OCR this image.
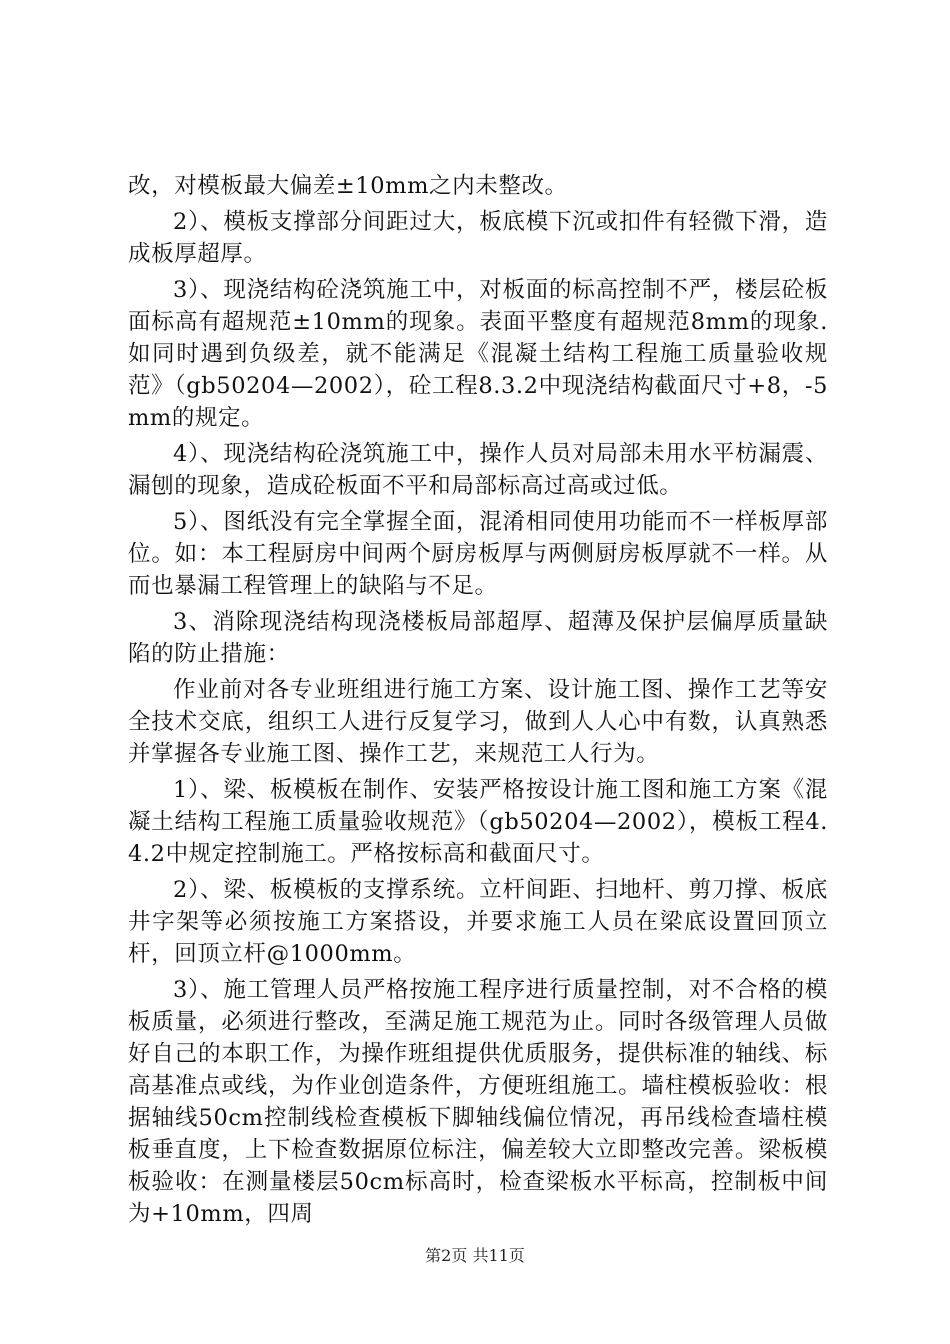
改，对模板最大偏差±10mm之内未整改。

2）、模板支撑部分间距过大，板底模下沉或扣件有轻微下滑，造成板厚超厚。

3）、现浇结构砼浇筑施工中，对板面的标高控制不严，楼层砼板面标高有超规范±10mm的现象。表面平整度有超规范8mm的现象.如同时遇到负级差，就不能满足《混凝土结构工程施工质量验收规范》（gb50204—2002），砼工程8.3.2中现浇结构截面尺寸+8，-5mm的规定。

4）、现浇结构砼浇筑施工中，操作人员对局部未用水平枋漏震、漏刨的现象，造成砼板面不平和局部标高过高或过低。

5）、图纸没有完全掌握全面，混淆相同使用功能而不一样板厚部位。如：本工程厨房中间两个厨房板厚与两侧厨房板厚就不一样。从而也暴漏工程管理上的缺陷与不足。

3、消除现浇结构现浇楼板局部超厚、超薄及保护层偏厚质量缺陷的防止措施：

作业前对各专业班组进行施工方案、设计施工图、操作工艺等安全技术交底，组织工人进行反复学习，做到人人心中有数，认真熟悉并掌握各专业施工图、操作工艺，来规范工人行为。

1）、梁、板模板在制作、安装严格按设计施工图和施工方案《混凝土结构工程施工质量验收规范》（gb50204—2002），模板工程4.4.2中规定控制施工。严格按标高和截面尺寸。

2）、梁、板模板的支撑系统。立杆间距、扫地杆、剪刀撑、板底井字架等必须按施工方案搭设，并要求施工人员在梁底设置回顶立杆，回顶立杆@1000mm。

3）、施工管理人员严格按施工程序进行质量控制，对不合格的模板质量，必须进行整改，至满足施工规范为止。同时各级管理人员做好自己的本职工作，为操作班组提供优质服务，提供标准的轴线、标高基准点或线，为作业创造条件，方便班组施工。墙柱模板验收：根据轴线50cm控制线检查模板下脚轴线偏位情况，再吊线检查墙柱模板垂直度，上下检查数据原位标注，偏差较大立即整改完善。梁板模板验收：在测量楼层50cm标高时，检查梁板水平标高，控制板中间为+10mm，四周

第2页 共11页
